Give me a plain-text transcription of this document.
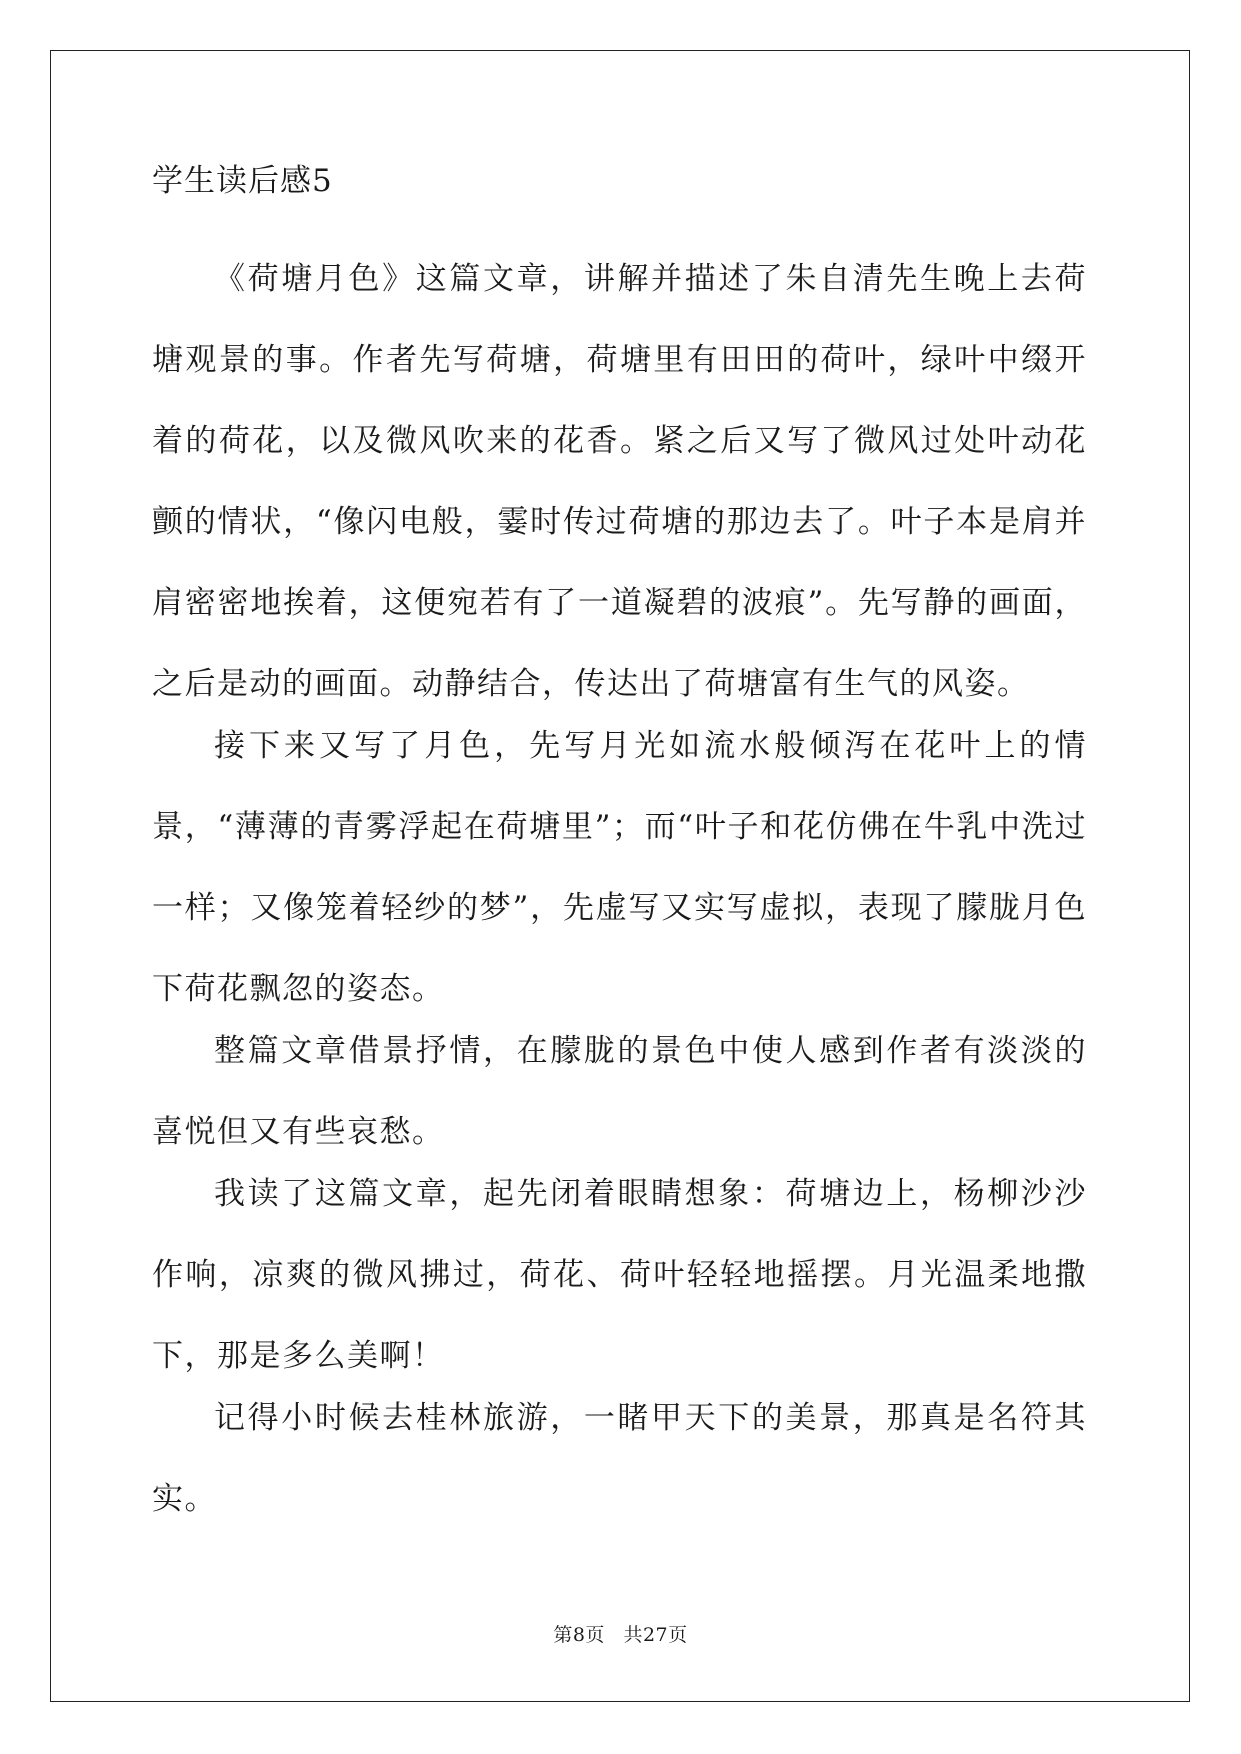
学生读后感5

《荷塘月色》这篇文章，讲解并描述了朱自清先生晚上去荷塘观景的事。作者先写荷塘，荷塘里有田田的荷叶，绿叶中缀开着的荷花，以及微风吹来的花香。紧之后又写了微风过处叶动花颤的情状，“像闪电般，霎时传过荷塘的那边去了。叶子本是肩并肩密密地挨着，这便宛若有了一道凝碧的波痕”。先写静的画面，之后是动的画面。动静结合，传达出了荷塘富有生气的风姿。

接下来又写了月色，先写月光如流水般倾泻在花叶上的情景，“薄薄的青雾浮起在荷塘里”；而“叶子和花仿佛在牛乳中洗过一样；又像笼着轻纱的梦”，先虚写又实写虚拟，表现了朦胧月色下荷花飘忽的姿态。

整篇文章借景抒情，在朦胧的景色中使人感到作者有淡淡的喜悦但又有些哀愁。

我读了这篇文章，起先闭着眼睛想象：荷塘边上，杨柳沙沙作响，凉爽的微风拂过，荷花、荷叶轻轻地摇摆。月光温柔地撒下，那是多么美啊！

记得小时候去桂林旅游，一睹甲天下的美景，那真是名符其实。

第8页 共27页
